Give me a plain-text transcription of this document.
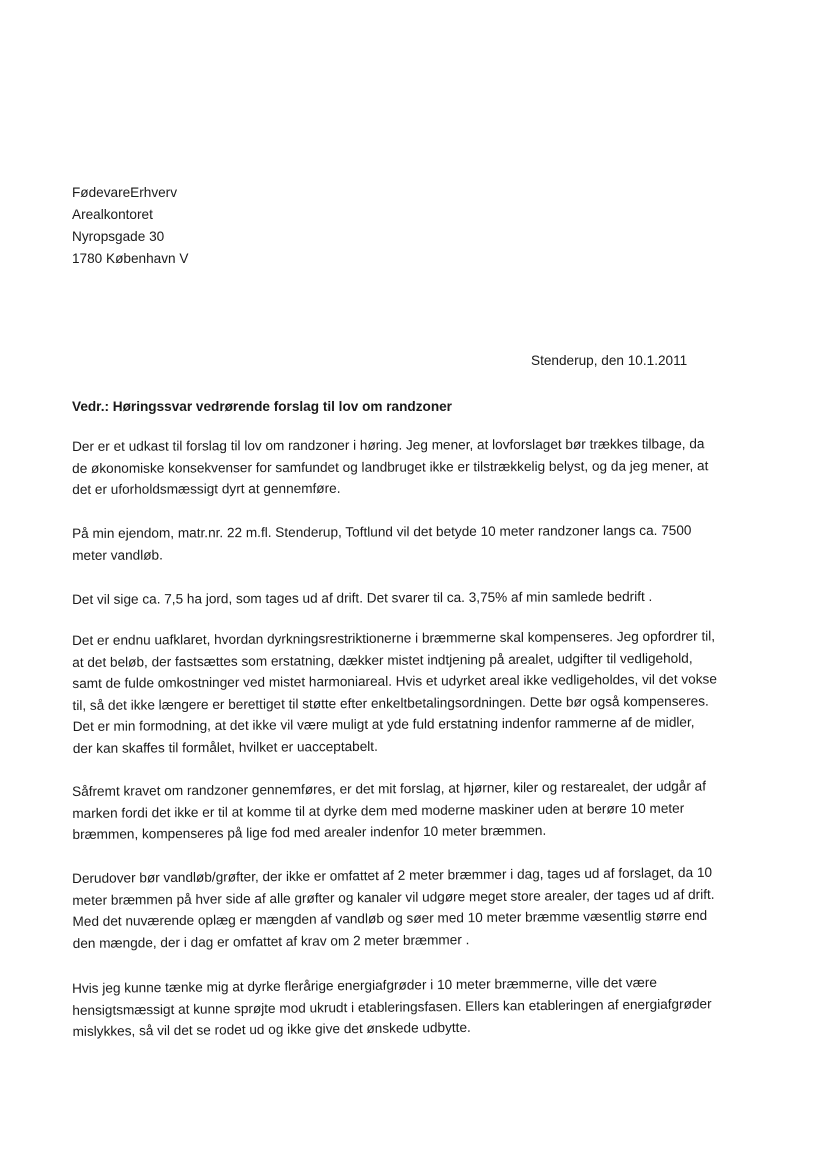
FødevareErhverv
Arealkontoret
Nyropsgade 30
1780 København V
Stenderup, den 10.1.2011
Vedr.: Høringssvar vedrørende forslag til lov om randzoner
Der er et udkast til forslag til lov om randzoner i høring. Jeg mener, at lovforslaget bør trækkes tilbage, da
de økonomiske konsekvenser for samfundet og landbruget ikke er tilstrækkelig belyst, og da jeg mener, at
det er uforholdsmæssigt dyrt at gennemføre.
På min ejendom, matr.nr. 22 m.fl. Stenderup, Toftlund vil det betyde 10 meter randzoner langs ca. 7500
meter vandløb.
Det vil sige ca. 7,5 ha jord, som tages ud af drift. Det svarer til ca. 3,75% af min samlede bedrift .
Det er endnu uafklaret, hvordan dyrkningsrestriktionerne i bræmmerne skal kompenseres. Jeg opfordrer til,
at det beløb, der fastsættes som erstatning, dækker mistet indtjening på arealet, udgifter til vedligehold,
samt de fulde omkostninger ved mistet harmoniareal. Hvis et udyrket areal ikke vedligeholdes, vil det vokse
til, så det ikke længere er berettiget til støtte efter enkeltbetalingsordningen. Dette bør også kompenseres.
Det er min formodning, at det ikke vil være muligt at yde fuld erstatning indenfor rammerne af de midler,
der kan skaffes til formålet, hvilket er uacceptabelt.
Såfremt kravet om randzoner gennemføres, er det mit forslag, at hjørner, kiler og restarealet, der udgår af
marken fordi det ikke er til at komme til at dyrke dem med moderne maskiner uden at berøre 10 meter
bræmmen, kompenseres på lige fod med arealer indenfor 10 meter bræmmen.
Derudover bør vandløb/grøfter, der ikke er omfattet af 2 meter bræmmer i dag, tages ud af forslaget, da 10
meter bræmmen på hver side af alle grøfter og kanaler vil udgøre meget store arealer, der tages ud af drift.
Med det nuværende oplæg er mængden af vandløb og søer med 10 meter bræmme væsentlig større end
den mængde, der i dag er omfattet af krav om 2 meter bræmmer .
Hvis jeg kunne tænke mig at dyrke flerårige energiafgrøder i 10 meter bræmmerne, ville det være
hensigtsmæssigt at kunne sprøjte mod ukrudt i etableringsfasen. Ellers kan etableringen af energiafgrøder
mislykkes, så vil det se rodet ud og ikke give det ønskede udbytte.
